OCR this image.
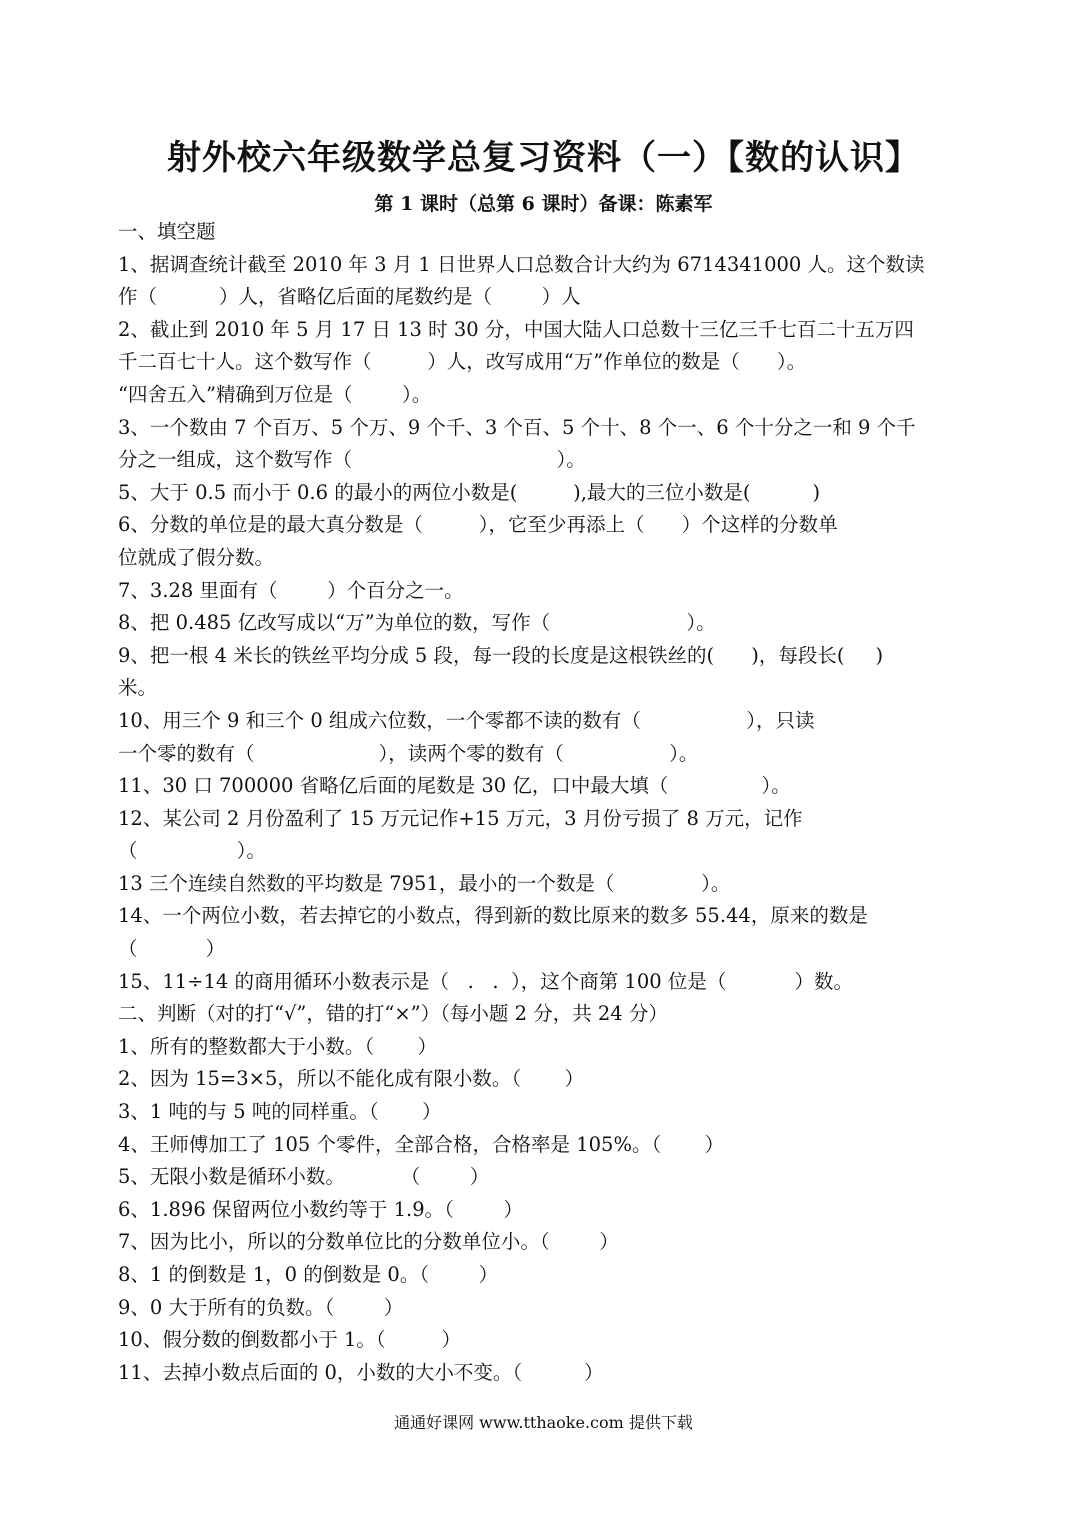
射外校六年级数学总复习资料（一）【数的认识】
第 1 课时（总第 6 课时）备课：陈素军
一、填空题
1、据调查统计截至 2010 年 3 月 1 日世界人口总数合计大约为 6714341000 人。这个数读
作（          ）人，省略亿后面的尾数约是（        ）人
2、截止到 2010 年 5 月 17 日 13 时 30 分，中国大陆人口总数十三亿三千七百二十五万四
千二百七十人。这个数写作（         ）人，改写成用“万”作单位的数是（      ）。
“四舍五入”精确到万位是（        ）。
3、一个数由 7 个百万、5 个万、9 个千、3 个百、5 个十、8 个一、6 个十分之一和 9 个千
分之一组成，这个数写作（                                 ）。
5、大于 0.5 而小于 0.6 的最小的两位小数是(         ),最大的三位小数是(          )
6、分数的单位是的最大真分数是（         ），它至少再添上（      ）个这样的分数单
位就成了假分数。
7、3.28 里面有（        ）个百分之一。
8、把 0.485 亿改写成以“万”为单位的数，写作（                      ）。
9、把一根 4 米长的铁丝平均分成 5 段，每一段的长度是这根铁丝的(      )，每段长(     )
米。
10、用三个 9 和三个 0 组成六位数，一个零都不读的数有（                 ），只读
一个零的数有（                    ），读两个零的数有（                 ）。
11、30 口 700000 省略亿后面的尾数是 30 亿，口中最大填（               ）。
12、某公司 2 月份盈利了 15 万元记作+15 万元，3 月份亏损了 8 万元，记作
（                ）。
13 三个连续自然数的平均数是 7951，最小的一个数是（              ）。
14、一个两位小数，若去掉它的小数点，得到新的数比原来的数多 55.44，原来的数是
（           ）
15、11÷14 的商用循环小数表示是（   .   .  ），这个商第 100 位是（           ）数。
二、判断（对的打“√”，错的打“×”）（每小题 2 分，共 24 分）
1、所有的整数都大于小数。（       ）
2、因为 15=3×5，所以不能化成有限小数。（       ）
3、1 吨的与 5 吨的同样重。（       ）
4、王师傅加工了 105 个零件，全部合格，合格率是 105%。（       ）
5、无限小数是循环小数。         （        ）
6、1.896 保留两位小数约等于 1.9。（        ）
7、因为比小，所以的分数单位比的分数单位小。（        ）
8、1 的倒数是 1，0 的倒数是 0。（        ）
9、0 大于所有的负数。（        ）
10、假分数的倒数都小于 1。（         ）
11、去掉小数点后面的 0，小数的大小不变。（          ）
通通好课网 www.tthaoke.com 提供下载
